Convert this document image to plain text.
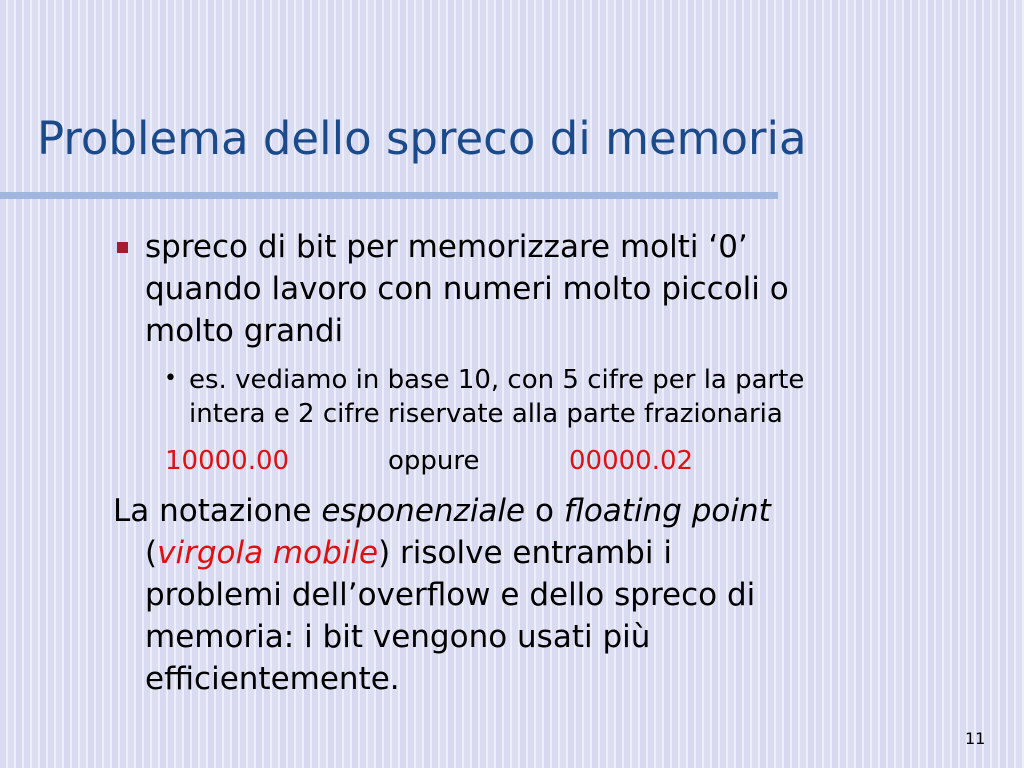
Problema dello spreco di memoria
spreco di bit per memorizzare molti ‘0’
quando lavoro con numeri molto piccoli o
molto grandi
• es. vediamo in base 10, con 5 cifre per la parte
intera e 2 cifre riservate alla parte frazionaria
10000.00	oppure	00000.02
La notazione esponenziale o floating point
(virgola mobile) risolve entrambi i
problemi dell’overflow e dello spreco di
memoria: i bit vengono usati più
efficientemente.
11
